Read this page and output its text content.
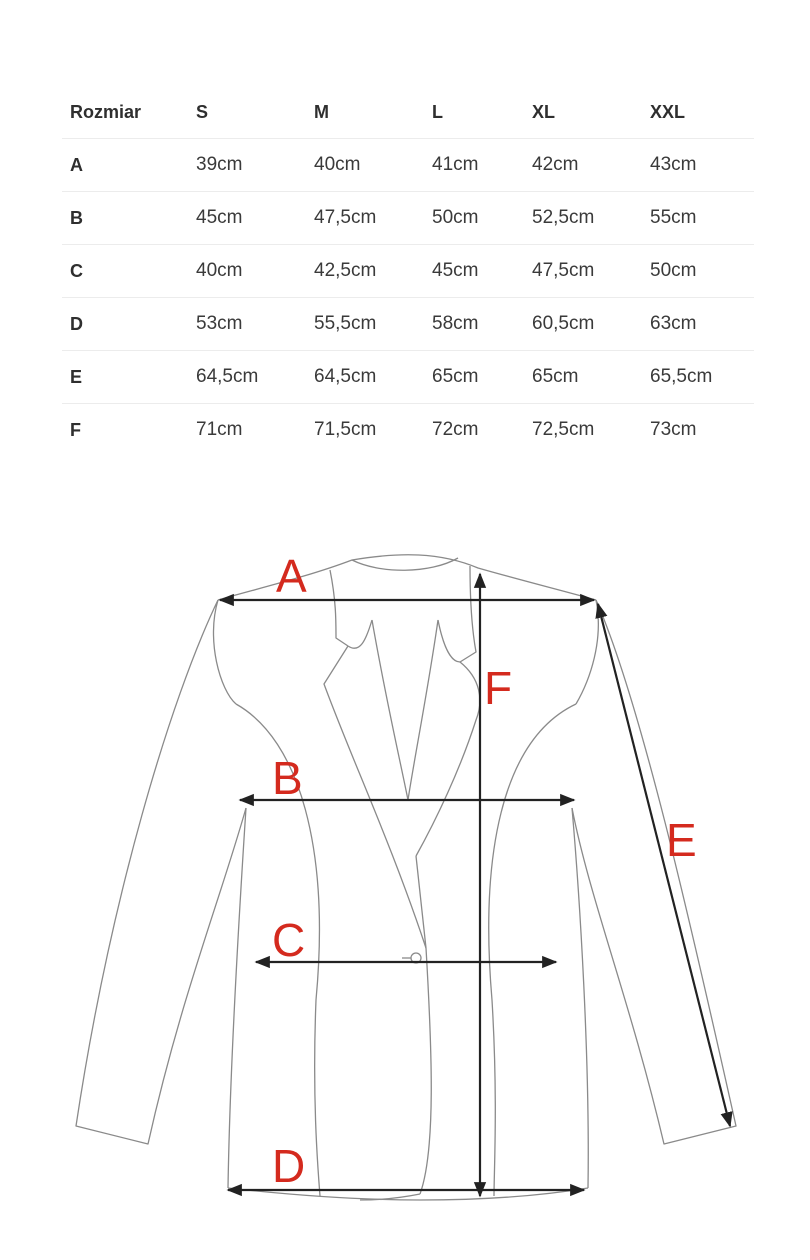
Rozmiar	S	M	L	XL	XXL
A	39cm	40cm	41cm	42cm	43cm
B	45cm	47,5cm	50cm	52,5cm	55cm
C	40cm	42,5cm	45cm	47,5cm	50cm
D	53cm	55,5cm	58cm	60,5cm	63cm
E	64,5cm	64,5cm	65cm	65cm	65,5cm
F	71cm	71,5cm	72cm	72,5cm	73cm
A
B
C
D
E
F
